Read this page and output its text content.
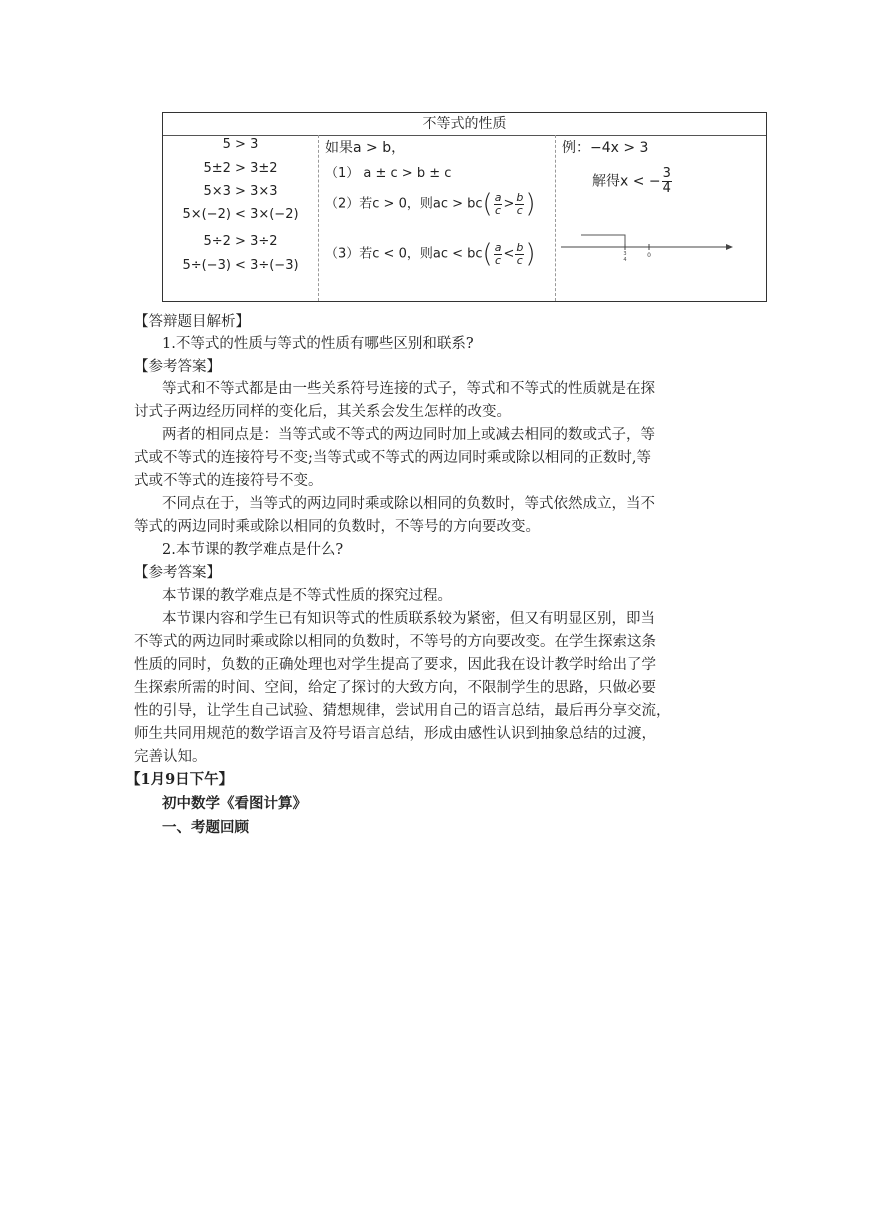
不等式的性质
5 > 3
5±2 > 3±2
5×3 > 3×3
5×(−2) < 3×(−2)
5÷2 > 3÷2
5÷(−3) < 3÷(−3)
如果a > b，
（1） a ± c > b ± c
（2）若c > 0，则ac > $bc( \frac{a}{c} > \frac{b}{c}$ )
（3）若c < 0，则ac < $bc( \frac{a}{c} < \frac{b}{c}$ )
例：−4x > 3
解得x < − $\frac{3}{4}$
3
4
0
【答辩题目解析】
1.不等式的性质与等式的性质有哪些区别和联系?
【参考答案】
等式和不等式都是由一些关系符号连接的式子，等式和不等式的性质就是在探
讨式子两边经历同样的变化后，其关系会发生怎样的改变。
两者的相同点是：当等式或不等式的两边同时加上或减去相同的数或式子，等
式或不等式的连接符号不变;当等式或不等式的两边同时乘或除以相同的正数时,等
式或不等式的连接符号不变。
不同点在于，当等式的两边同时乘或除以相同的负数时，等式依然成立，当不
等式的两边同时乘或除以相同的负数时，不等号的方向要改变。
2.本节课的教学难点是什么?
【参考答案】
本节课的教学难点是不等式性质的探究过程。
本节课内容和学生已有知识等式的性质联系较为紧密，但又有明显区别，即当
不等式的两边同时乘或除以相同的负数时，不等号的方向要改变。在学生探索这条
性质的同时，负数的正确处理也对学生提高了要求，因此我在设计教学时给出了学
生探索所需的时间、空间，给定了探讨的大致方向，不限制学生的思路，只做必要
性的引导，让学生自己试验、猜想规律，尝试用自己的语言总结，最后再分享交流，
师生共同用规范的数学语言及符号语言总结，形成由感性认识到抽象总结的过渡，
完善认知。
【1月9日下午】
初中数学《看图计算》
一、考题回顾
